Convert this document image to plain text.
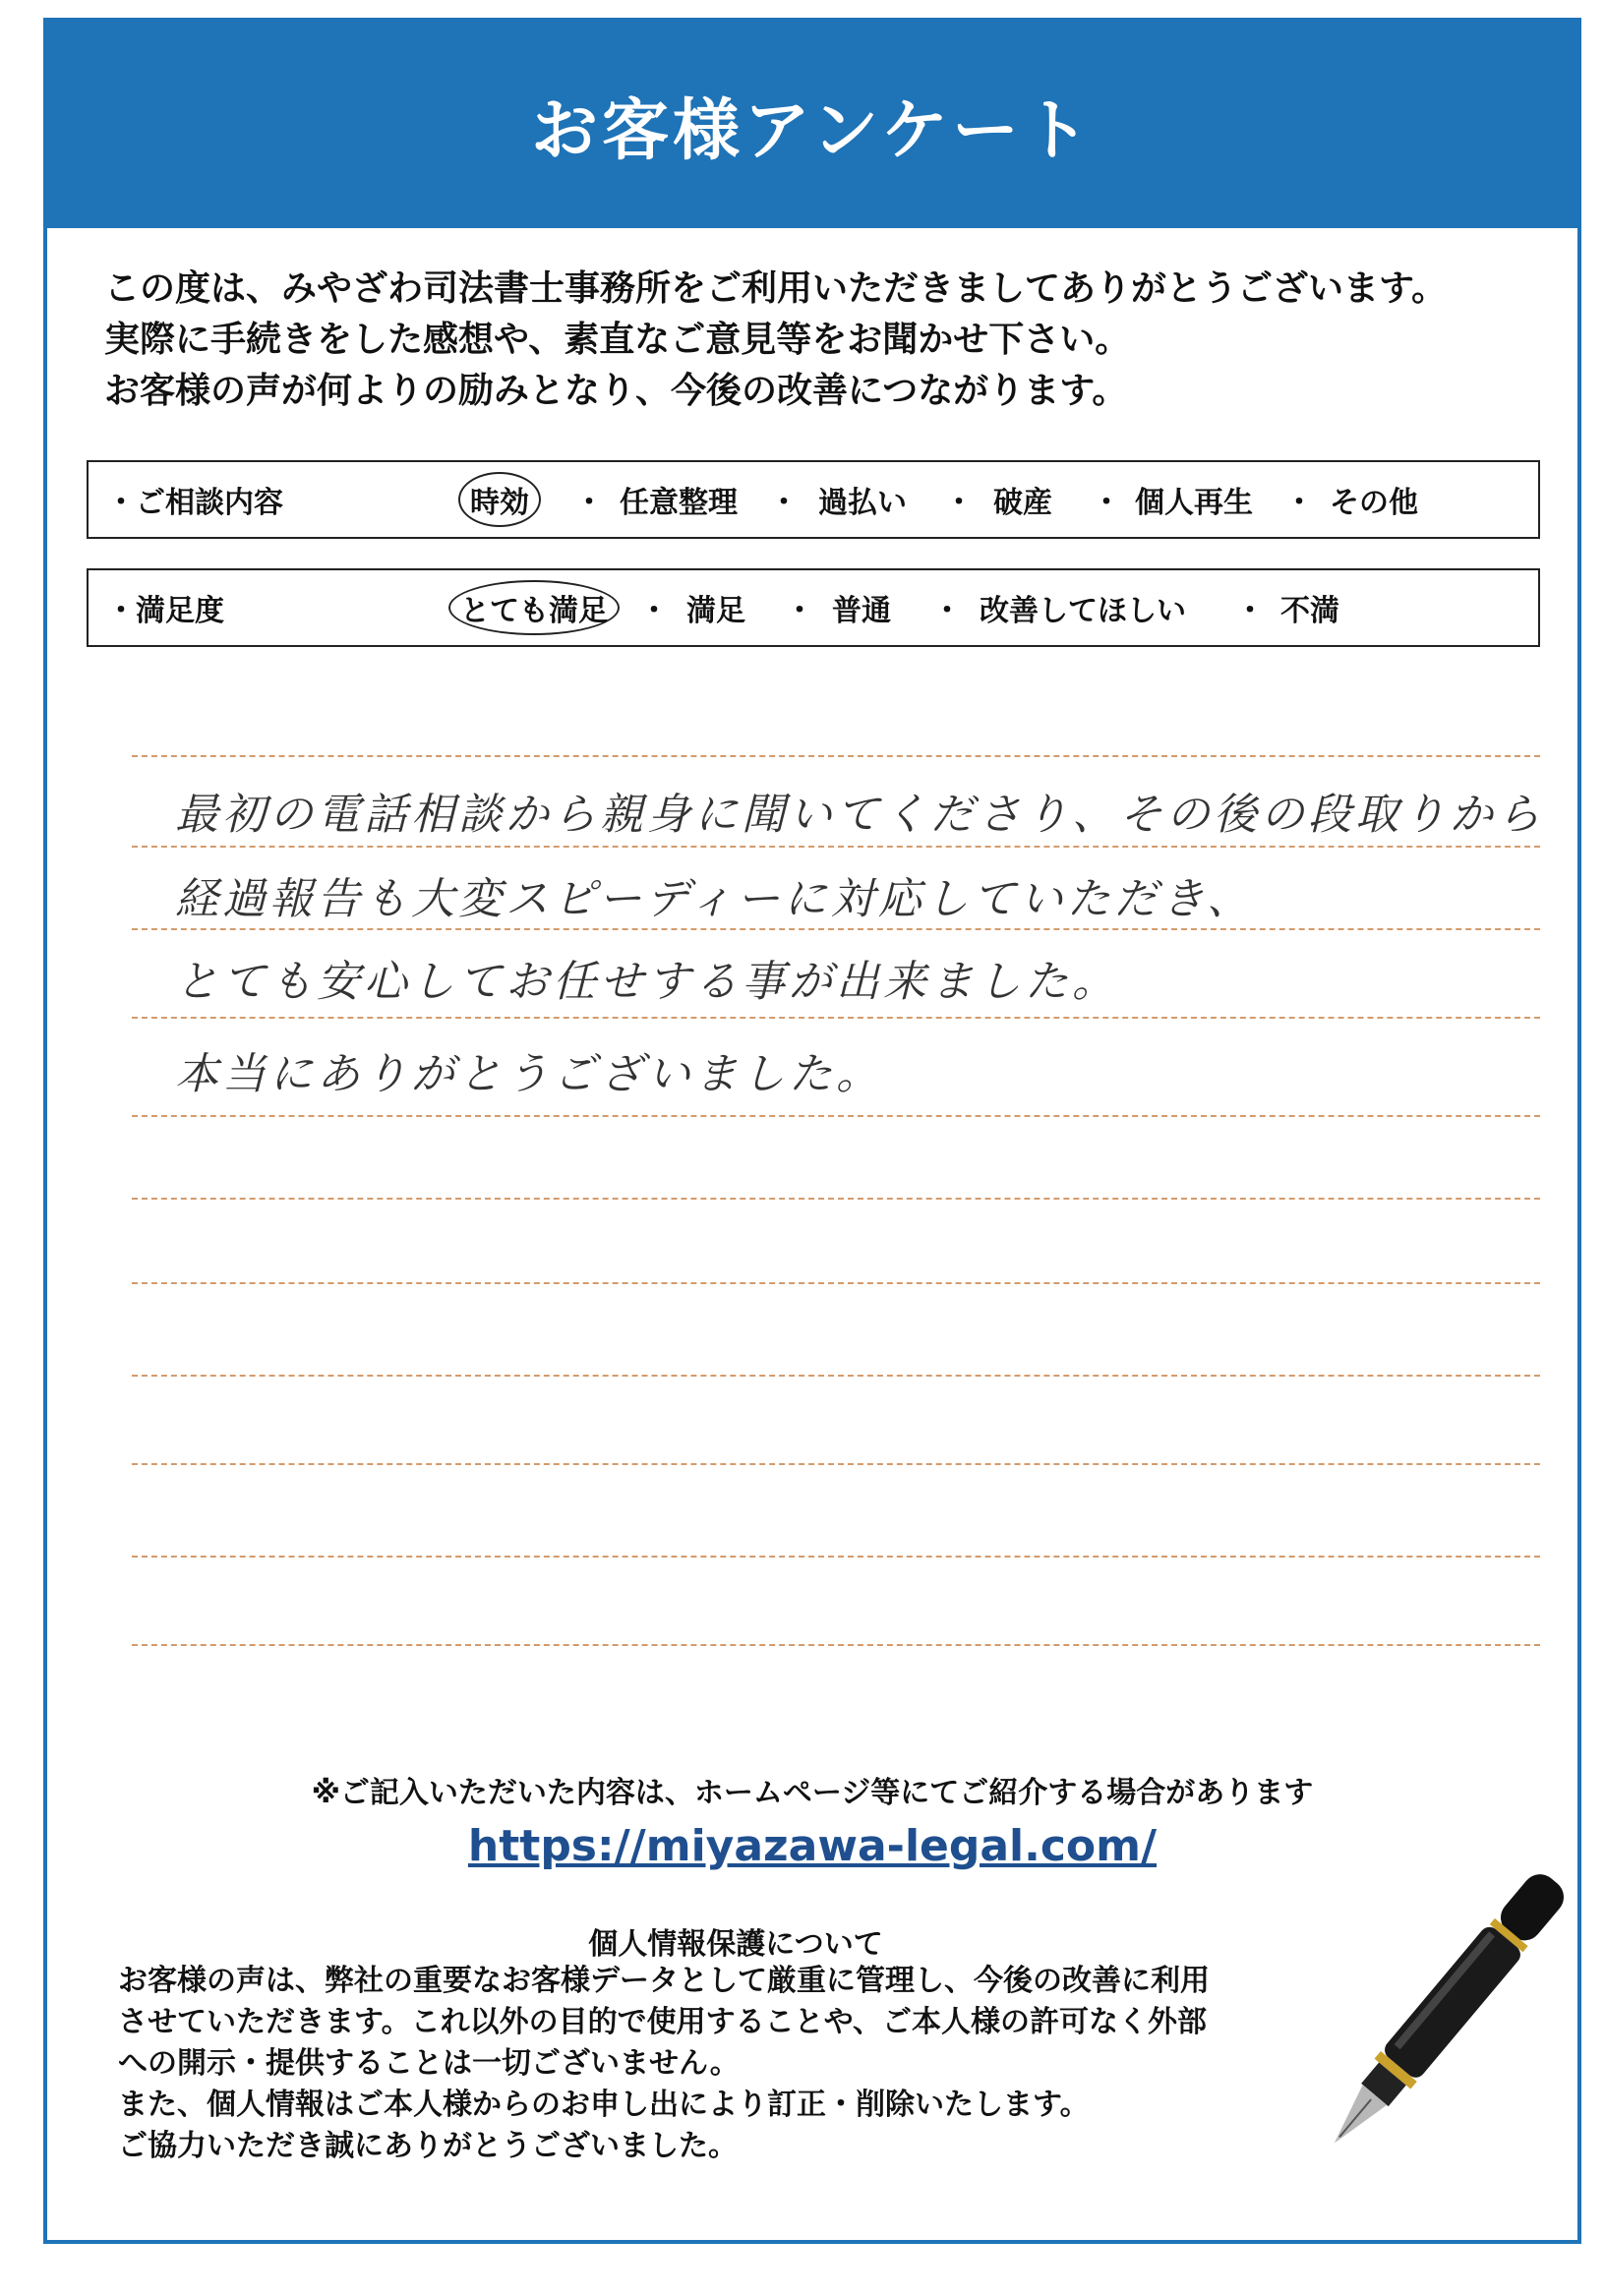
お客様アンケート

この度は、みやざわ司法書士事務所をご利用いただきましてありがとうございます。

実際に手続きをした感想や、素直なご意見等をお聞かせ下さい。

お客様の声が何よりの励みとなり、今後の改善につながります。

・ご相談内容	時効	・ 任意整理 ・ 過払い ・ 破産 ・ 個人再生 ・ その他
・満足度	とても満足	・ 満足 ・ 普通 ・ 改善してほしい ・ 不満
最初の電話相談から親身に聞いてくださり、その後の段取りから
経過報告も大変スピーディーに対応していただき、
とても安心してお任せする事が出来ました。
本当にありがとうございました。
※ご記入いただいた内容は、ホームページ等にてご紹介する場合があります
https://miyazawa-legal.com/
個人情報保護について

お客様の声は、弊社の重要なお客様データとして厳重に管理し、今後の改善に利用

させていただきます。これ以外の目的で使用することや、ご本人様の許可なく外部

への開示・提供することは一切ございません。

また、個人情報はご本人様からのお申し出により訂正・削除いたします。

ご協力いただき誠にありがとうございました。
